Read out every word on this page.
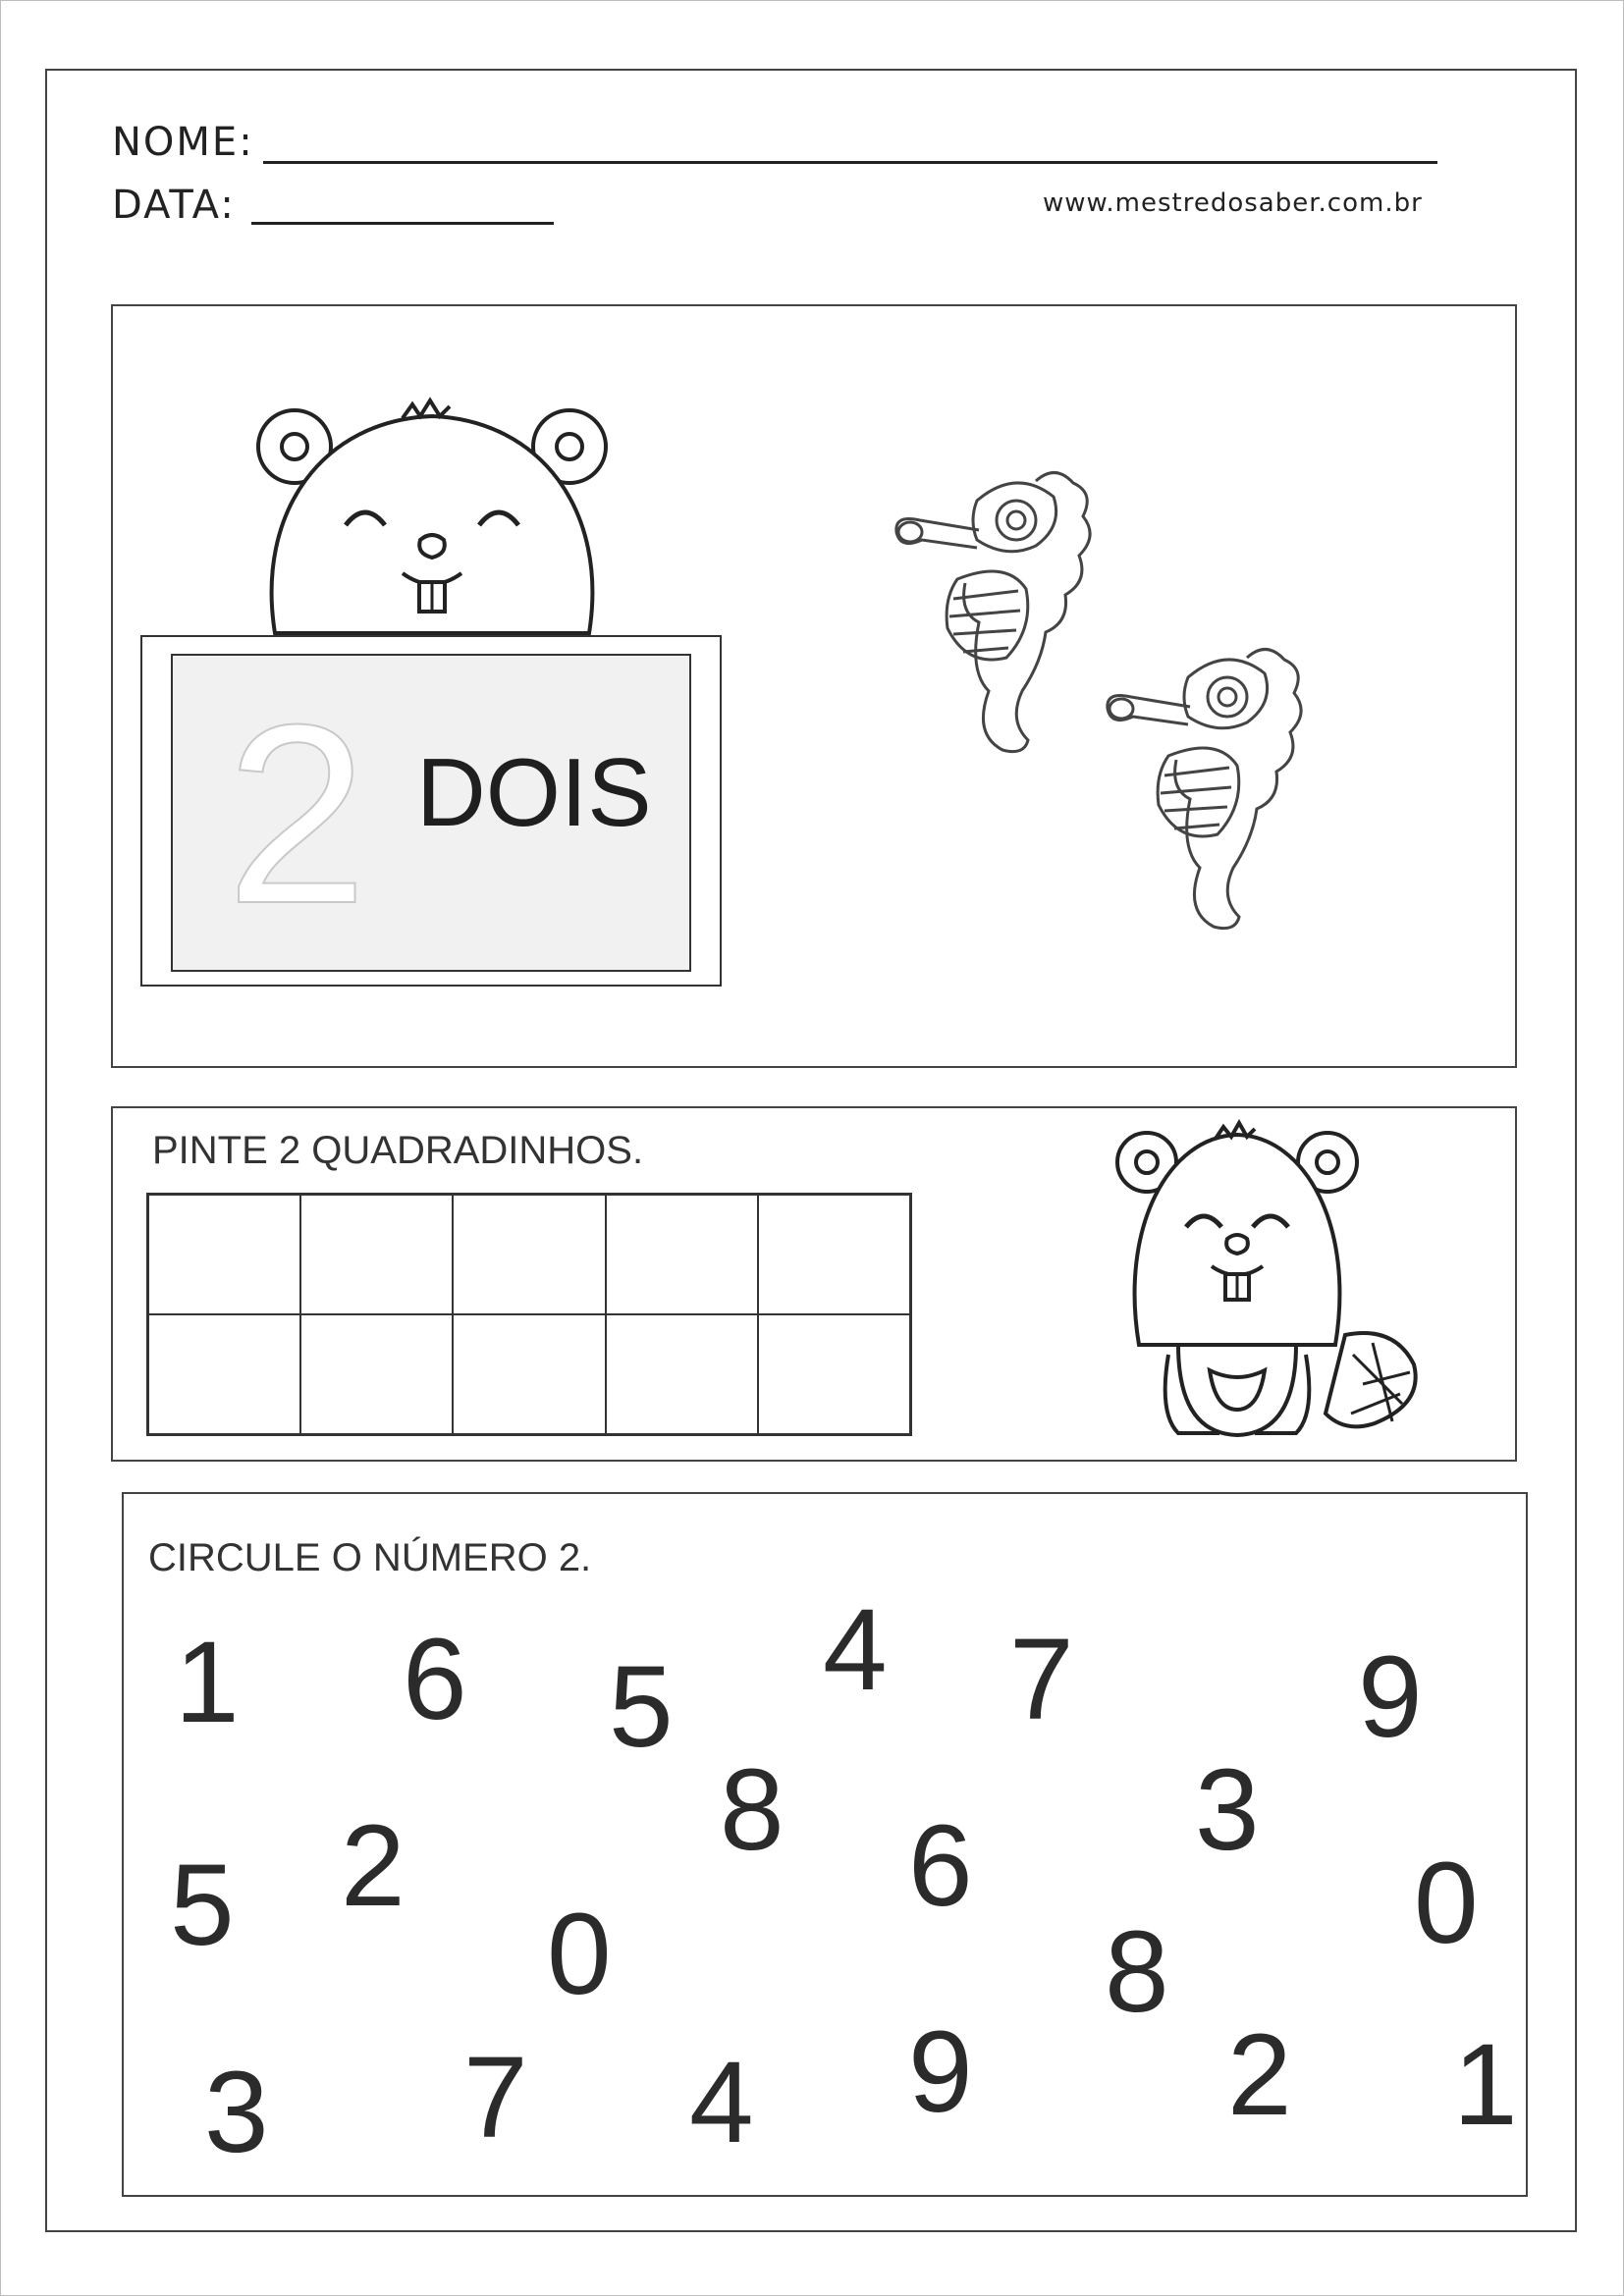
NOME:
DATA:	www.mestredosaber.com.br
2 DOIS
PINTE 2 QUADRADINHOS.
CIRCULE O NÚMERO 2.
1 6 5 4 7 9
8	3
5 2
0
6	0
8
3 7 4 9 2 1
